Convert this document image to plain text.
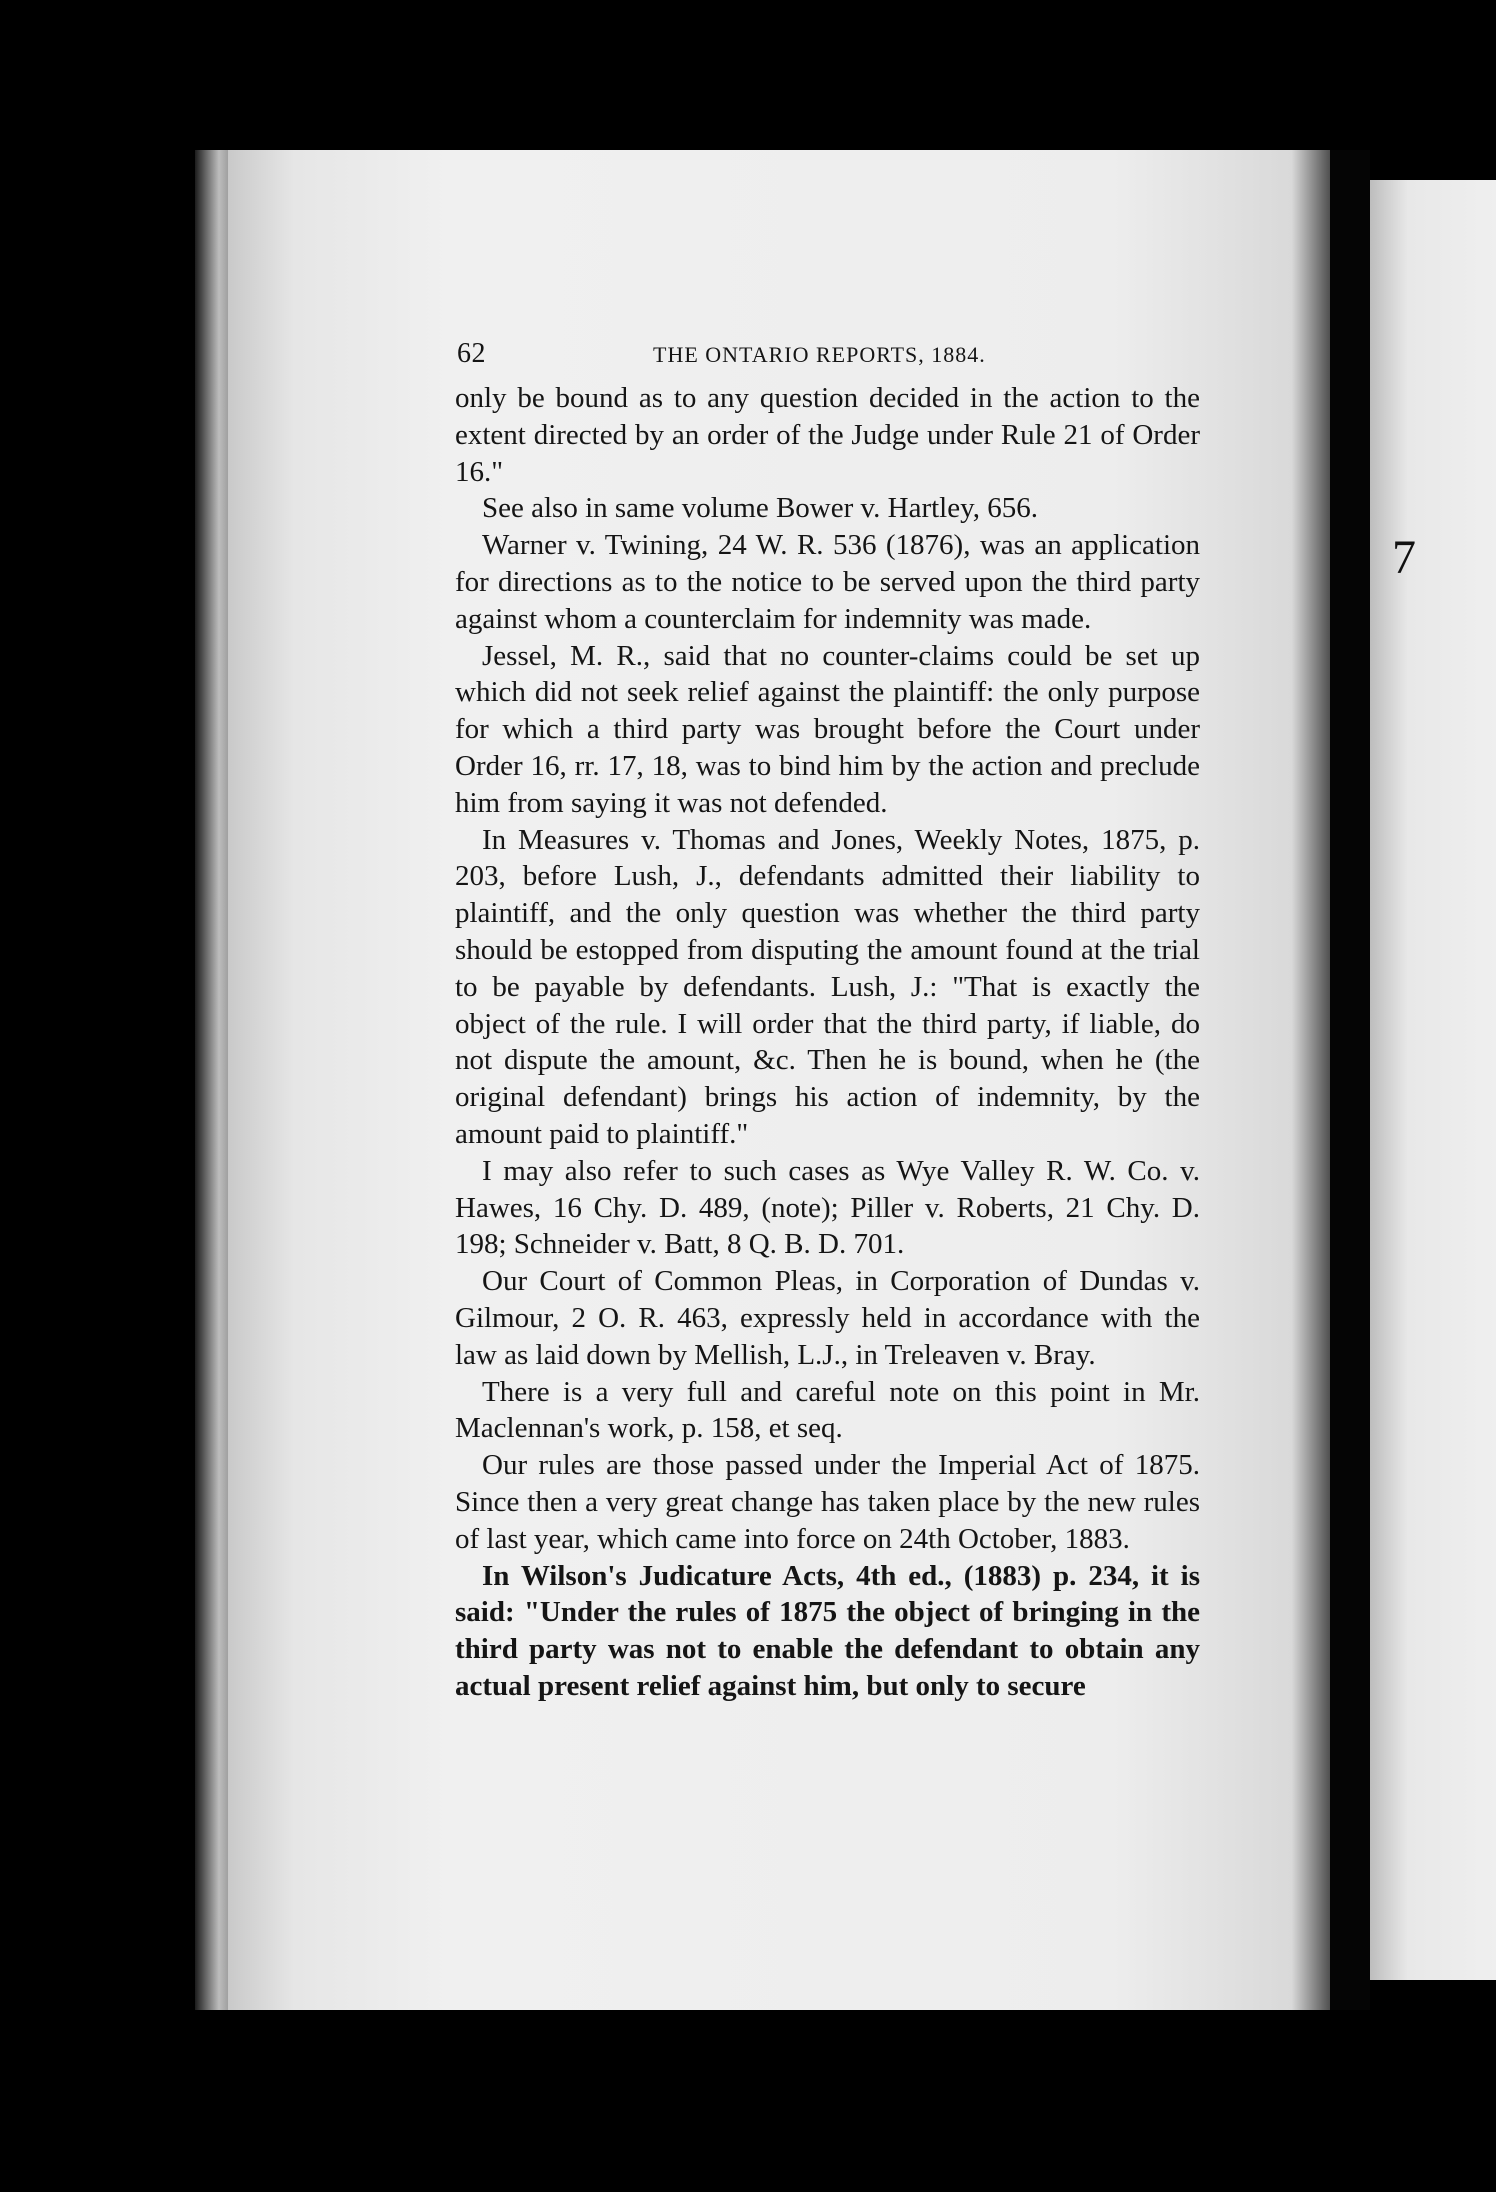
7
62	THE ONTARIO REPORTS, 1884.

only be bound as to any question decided in the action to the extent directed by an order of the Judge under Rule 21 of Order 16."

See also in same volume Bower v. Hartley, 656.

Warner v. Twining, 24 W. R. 536 (1876), was an application for directions as to the notice to be served upon the third party against whom a counterclaim for indemnity was made.

Jessel, M. R., said that no counter-claims could be set up which did not seek relief against the plaintiff: the only purpose for which a third party was brought before the Court under Order 16, rr. 17, 18, was to bind him by the action and preclude him from saying it was not defended.

In Measures v. Thomas and Jones, Weekly Notes, 1875, p. 203, before Lush, J., defendants admitted their liability to plaintiff, and the only question was whether the third party should be estopped from disputing the amount found at the trial to be payable by defendants. Lush, J.: "That is exactly the object of the rule. I will order that the third party, if liable, do not dispute the amount, &c. Then he is bound, when he (the original defendant) brings his action of indemnity, by the amount paid to plaintiff."

I may also refer to such cases as Wye Valley R. W. Co. v. Hawes, 16 Chy. D. 489, (note); Piller v. Roberts, 21 Chy. D. 198; Schneider v. Batt, 8 Q. B. D. 701.

Our Court of Common Pleas, in Corporation of Dundas v. Gilmour, 2 O. R. 463, expressly held in accordance with the law as laid down by Mellish, L.J., in Treleaven v. Bray.

There is a very full and careful note on this point in Mr. Maclennan's work, p. 158, et seq.

Our rules are those passed under the Imperial Act of 1875. Since then a very great change has taken place by the new rules of last year, which came into force on 24th October, 1883.

In Wilson's Judicature Acts, 4th ed., (1883) p. 234, it is said: "Under the rules of 1875 the object of bringing in the third party was not to enable the defendant to obtain any actual present relief against him, but only to secure
